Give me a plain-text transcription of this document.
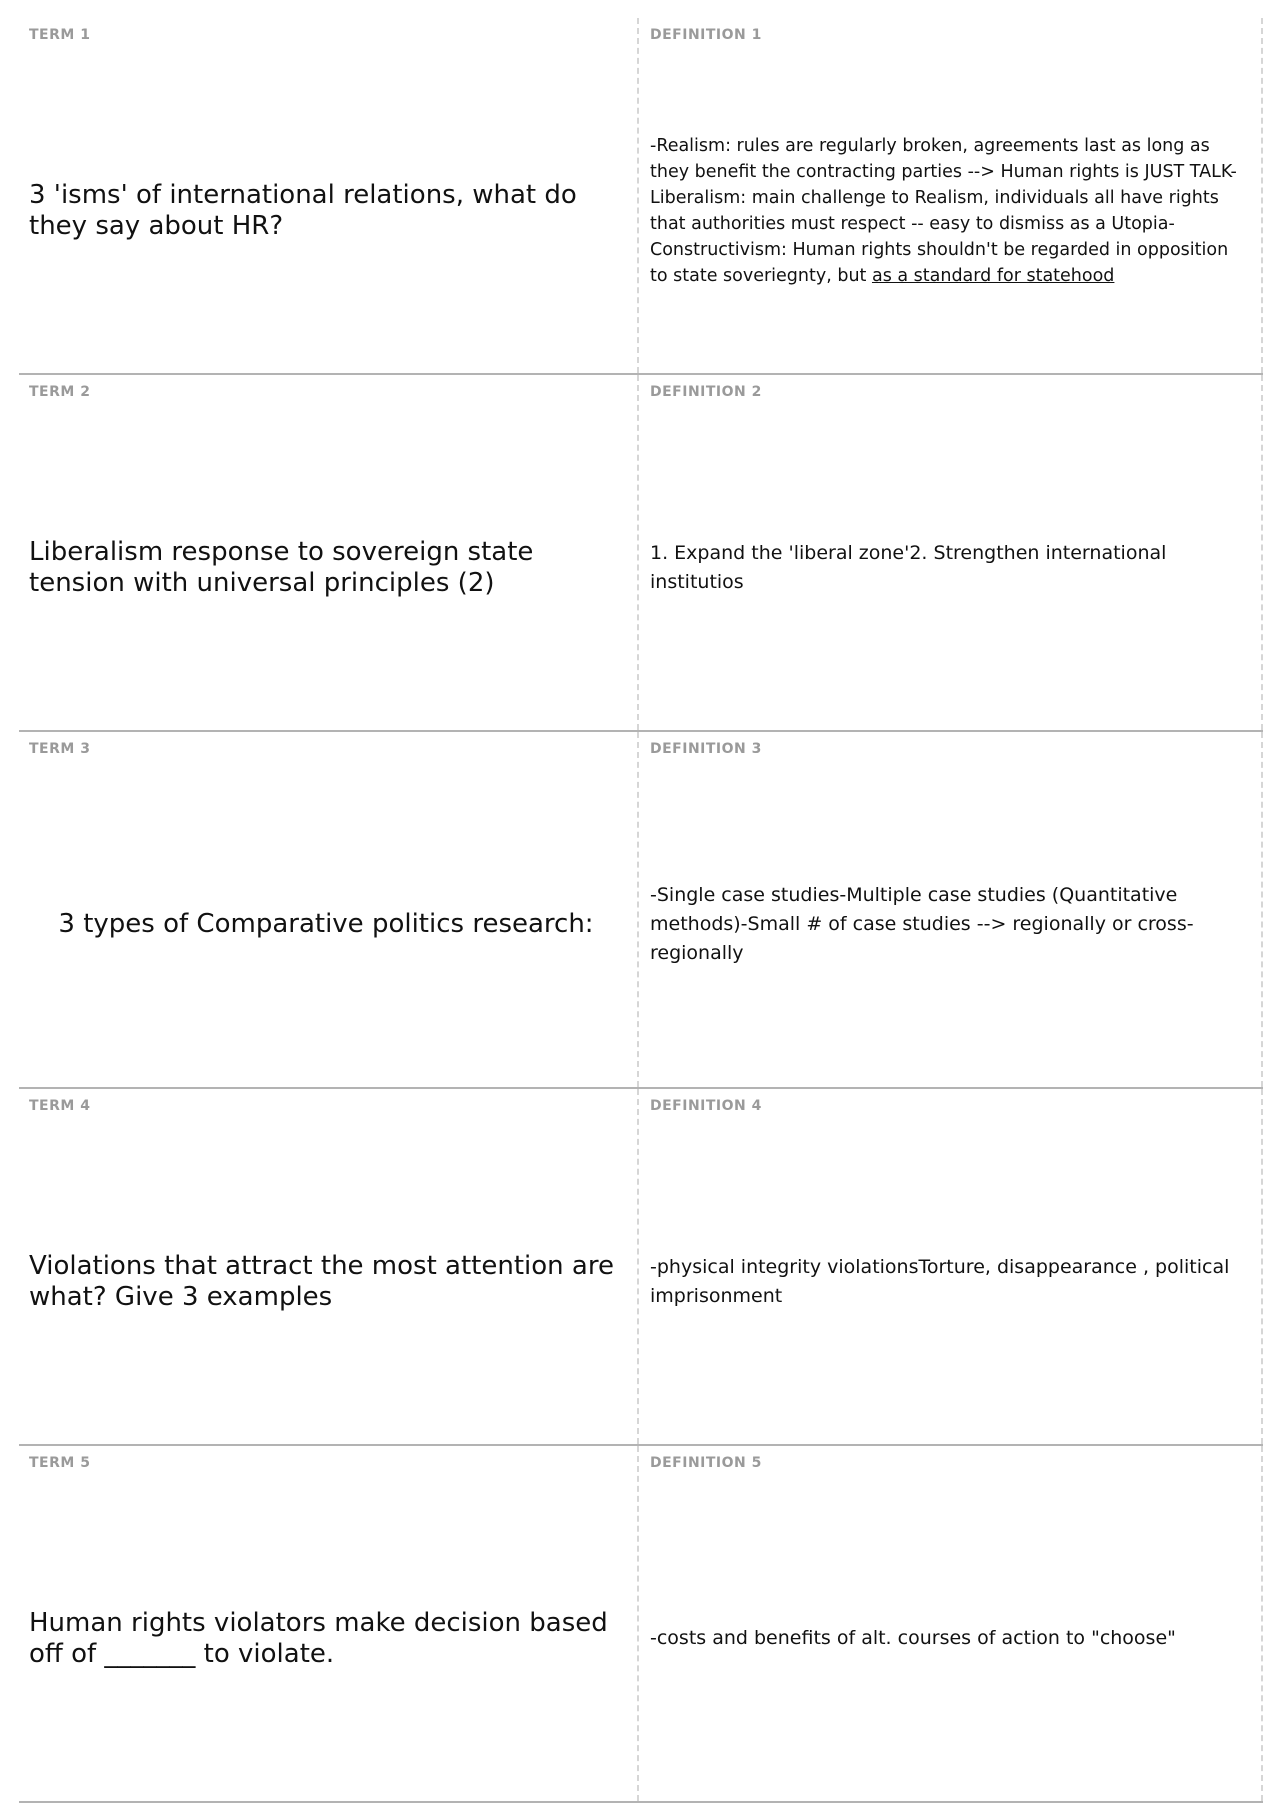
TERM 1
3 'isms' of international relations, what do they say about HR?
DEFINITION 1
-Realism: rules are regularly broken, agreements last as long as they benefit the contracting parties --> Human rights is JUST TALK-Liberalism: main challenge to Realism, individuals all have rights that authorities must respect -- easy to dismiss as a Utopia-Constructivism: Human rights shouldn't be regarded in opposition to state soveriegnty, but as a standard for statehood
TERM 2
Liberalism response to sovereign state tension with universal principles (2)
DEFINITION 2
1. Expand the 'liberal zone'2. Strengthen international institutios
TERM 3
3 types of Comparative politics research:
DEFINITION 3
-Single case studies-Multiple case studies (Quantitative methods)-Small # of case studies --> regionally or cross-regionally
TERM 4
Violations that attract the most attention are what? Give 3 examples
DEFINITION 4
-physical integrity violationsTorture, disappearance , political imprisonment
TERM 5
Human rights violators make decision based off of _______ to violate.
DEFINITION 5
-costs and benefits of alt. courses of action to "choose"
